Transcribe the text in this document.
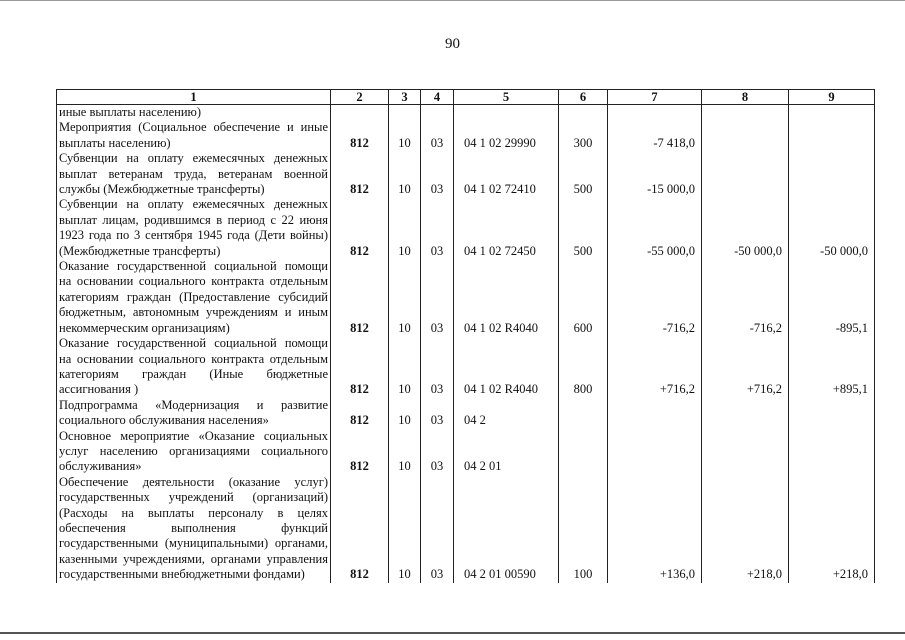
90
1	2	3	4	5	6	7	8	9
иные выплаты населению)								
Мероприятия (Социальное обеспечение и иные выплаты населению)	812	10	03	04 1 02 29990	300	-7 418,0		
Субвенции на оплату ежемесячных денежных выплат ветеранам труда, ветеранам военной службы (Межбюджетные трансферты)	812	10	03	04 1 02 72410	500	-15 000,0		
Субвенции на оплату ежемесячных денежных выплат лицам, родившимся в период с 22 июня 1923 года по 3 сентября 1945 года (Дети войны) (Межбюджетные трансферты)	812	10	03	04 1 02 72450	500	-55 000,0	-50 000,0	-50 000,0
Оказание государственной социальной помощи на основании социального контракта отдельным категориям граждан (Предоставление субсидий бюджетным, автономным учреждениям и иным некоммерческим организациям)	812	10	03	04 1 02 R4040	600	-716,2	-716,2	-895,1
Оказание государственной социальной помощи на основании социального контракта отдельным категориям граждан (Иные бюджетные ассигнования )	812	10	03	04 1 02 R4040	800	+716,2	+716,2	+895,1
Подпрограмма «Модернизация и развитие социального обслуживания населения»	812	10	03	04 2				
Основное мероприятие «Оказание социальных услуг населению организациями социального обслуживания»	812	10	03	04 2 01				
Обеспечение деятельности (оказание услуг) государственных учреждений (организаций) (Расходы на выплаты персоналу в целях обеспечения выполнения функций государственными (муниципальными) органами, казенными учреждениями, органами управления государственными внебюджетными фондами)	812	10	03	04 2 01 00590	100	+136,0	+218,0	+218,0
